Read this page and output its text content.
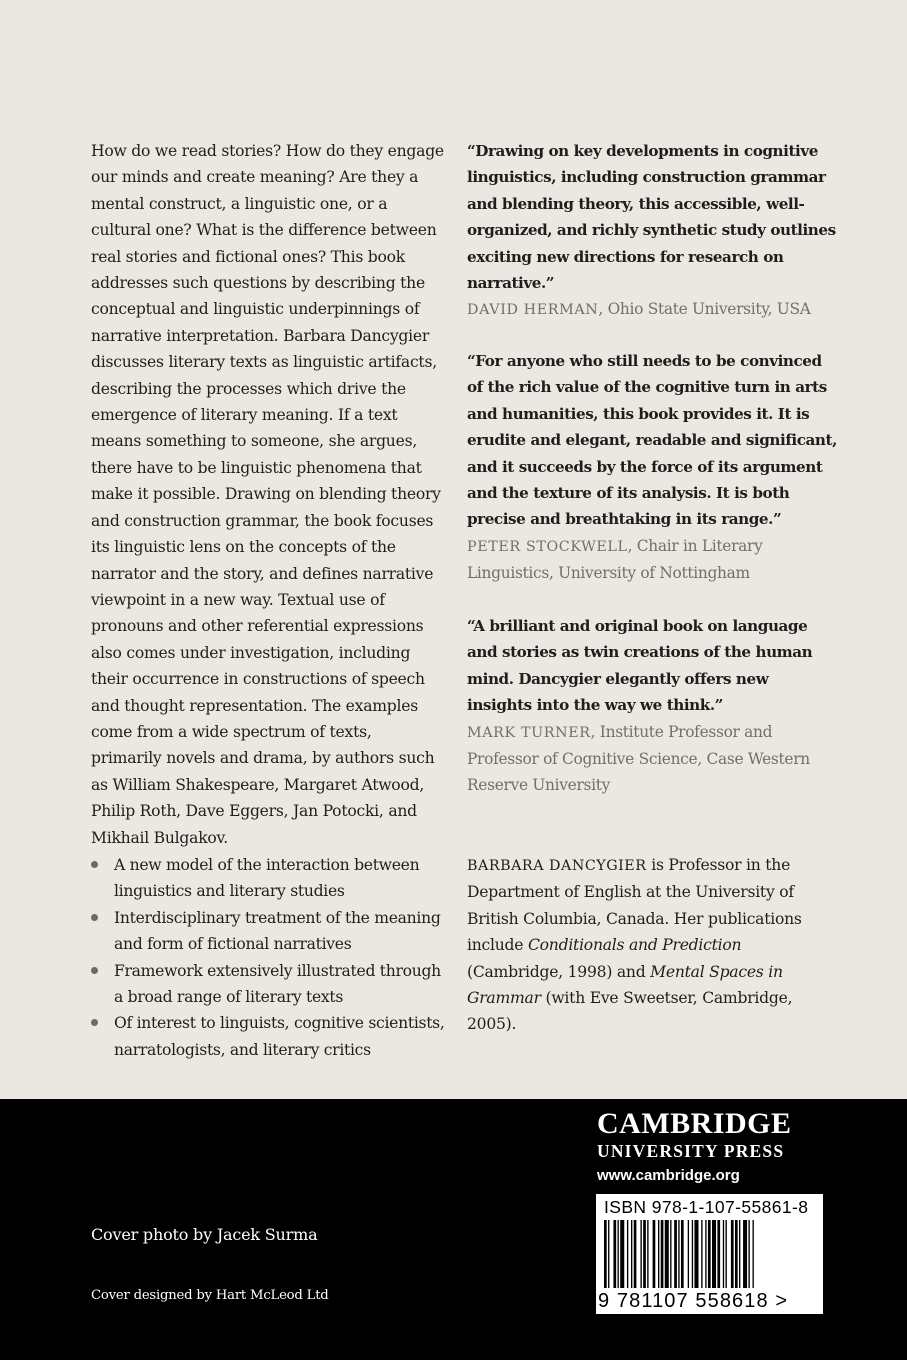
How do we read stories? How do they engage our minds and create meaning? Are they a mental construct, a linguistic one, or a cultural one? What is the difference between real stories and fictional ones? This book addresses such questions by describing the conceptual and linguistic underpinnings of narrative interpretation. Barbara Dancygier discusses literary texts as linguistic artifacts, describing the processes which drive the emergence of literary meaning. If a text means something to someone, she argues, there have to be linguistic phenomena that make it possible. Drawing on blending theory and construction grammar, the book focuses its linguistic lens on the concepts of the narrator and the story, and defines narrative viewpoint in a new way. Textual use of pronouns and other referential expressions also comes under investigation, including their occurrence in constructions of speech and thought representation. The examples come from a wide spectrum of texts, primarily novels and drama, by authors such as William Shakespeare, Margaret Atwood, Philip Roth, Dave Eggers, Jan Potocki, and Mikhail Bulgakov.

A new model of the interaction between linguistics and literary studies
Interdisciplinary treatment of the meaning and form of fictional narratives
Framework extensively illustrated through a broad range of literary texts
Of interest to linguists, cognitive scientists, narratologists, and literary critics

“Drawing on key developments in cognitive linguistics, including construction grammar and blending theory, this accessible, well-organized, and richly synthetic study outlines exciting new directions for research on narrative.”

DAVID HERMAN, Ohio State University, USA

“For anyone who still needs to be convinced of the rich value of the cognitive turn in arts and humanities, this book provides it. It is erudite and elegant, readable and significant, and it succeeds by the force of its argument and the texture of its analysis. It is both precise and breathtaking in its range.”

PETER STOCKWELL, Chair in Literary Linguistics, University of Nottingham

“A brilliant and original book on language and stories as twin creations of the human mind. Dancygier elegantly offers new insights into the way we think.”

MARK TURNER, Institute Professor and Professor of Cognitive Science, Case Western Reserve University

BARBARA DANCYGIER is Professor in the Department of English at the University of British Columbia, Canada. Her publications include Conditionals and Prediction (Cambridge, 1998) and Mental Spaces in Grammar (with Eve Sweetser, Cambridge, 2005).

Cover photo by Jacek Surma

Cover designed by Hart McLeod Ltd

CAMBRIDGE

UNIVERSITY PRESS

www.cambridge.org

ISBN 978-1-107-55861-8

9 781107 558618 >
